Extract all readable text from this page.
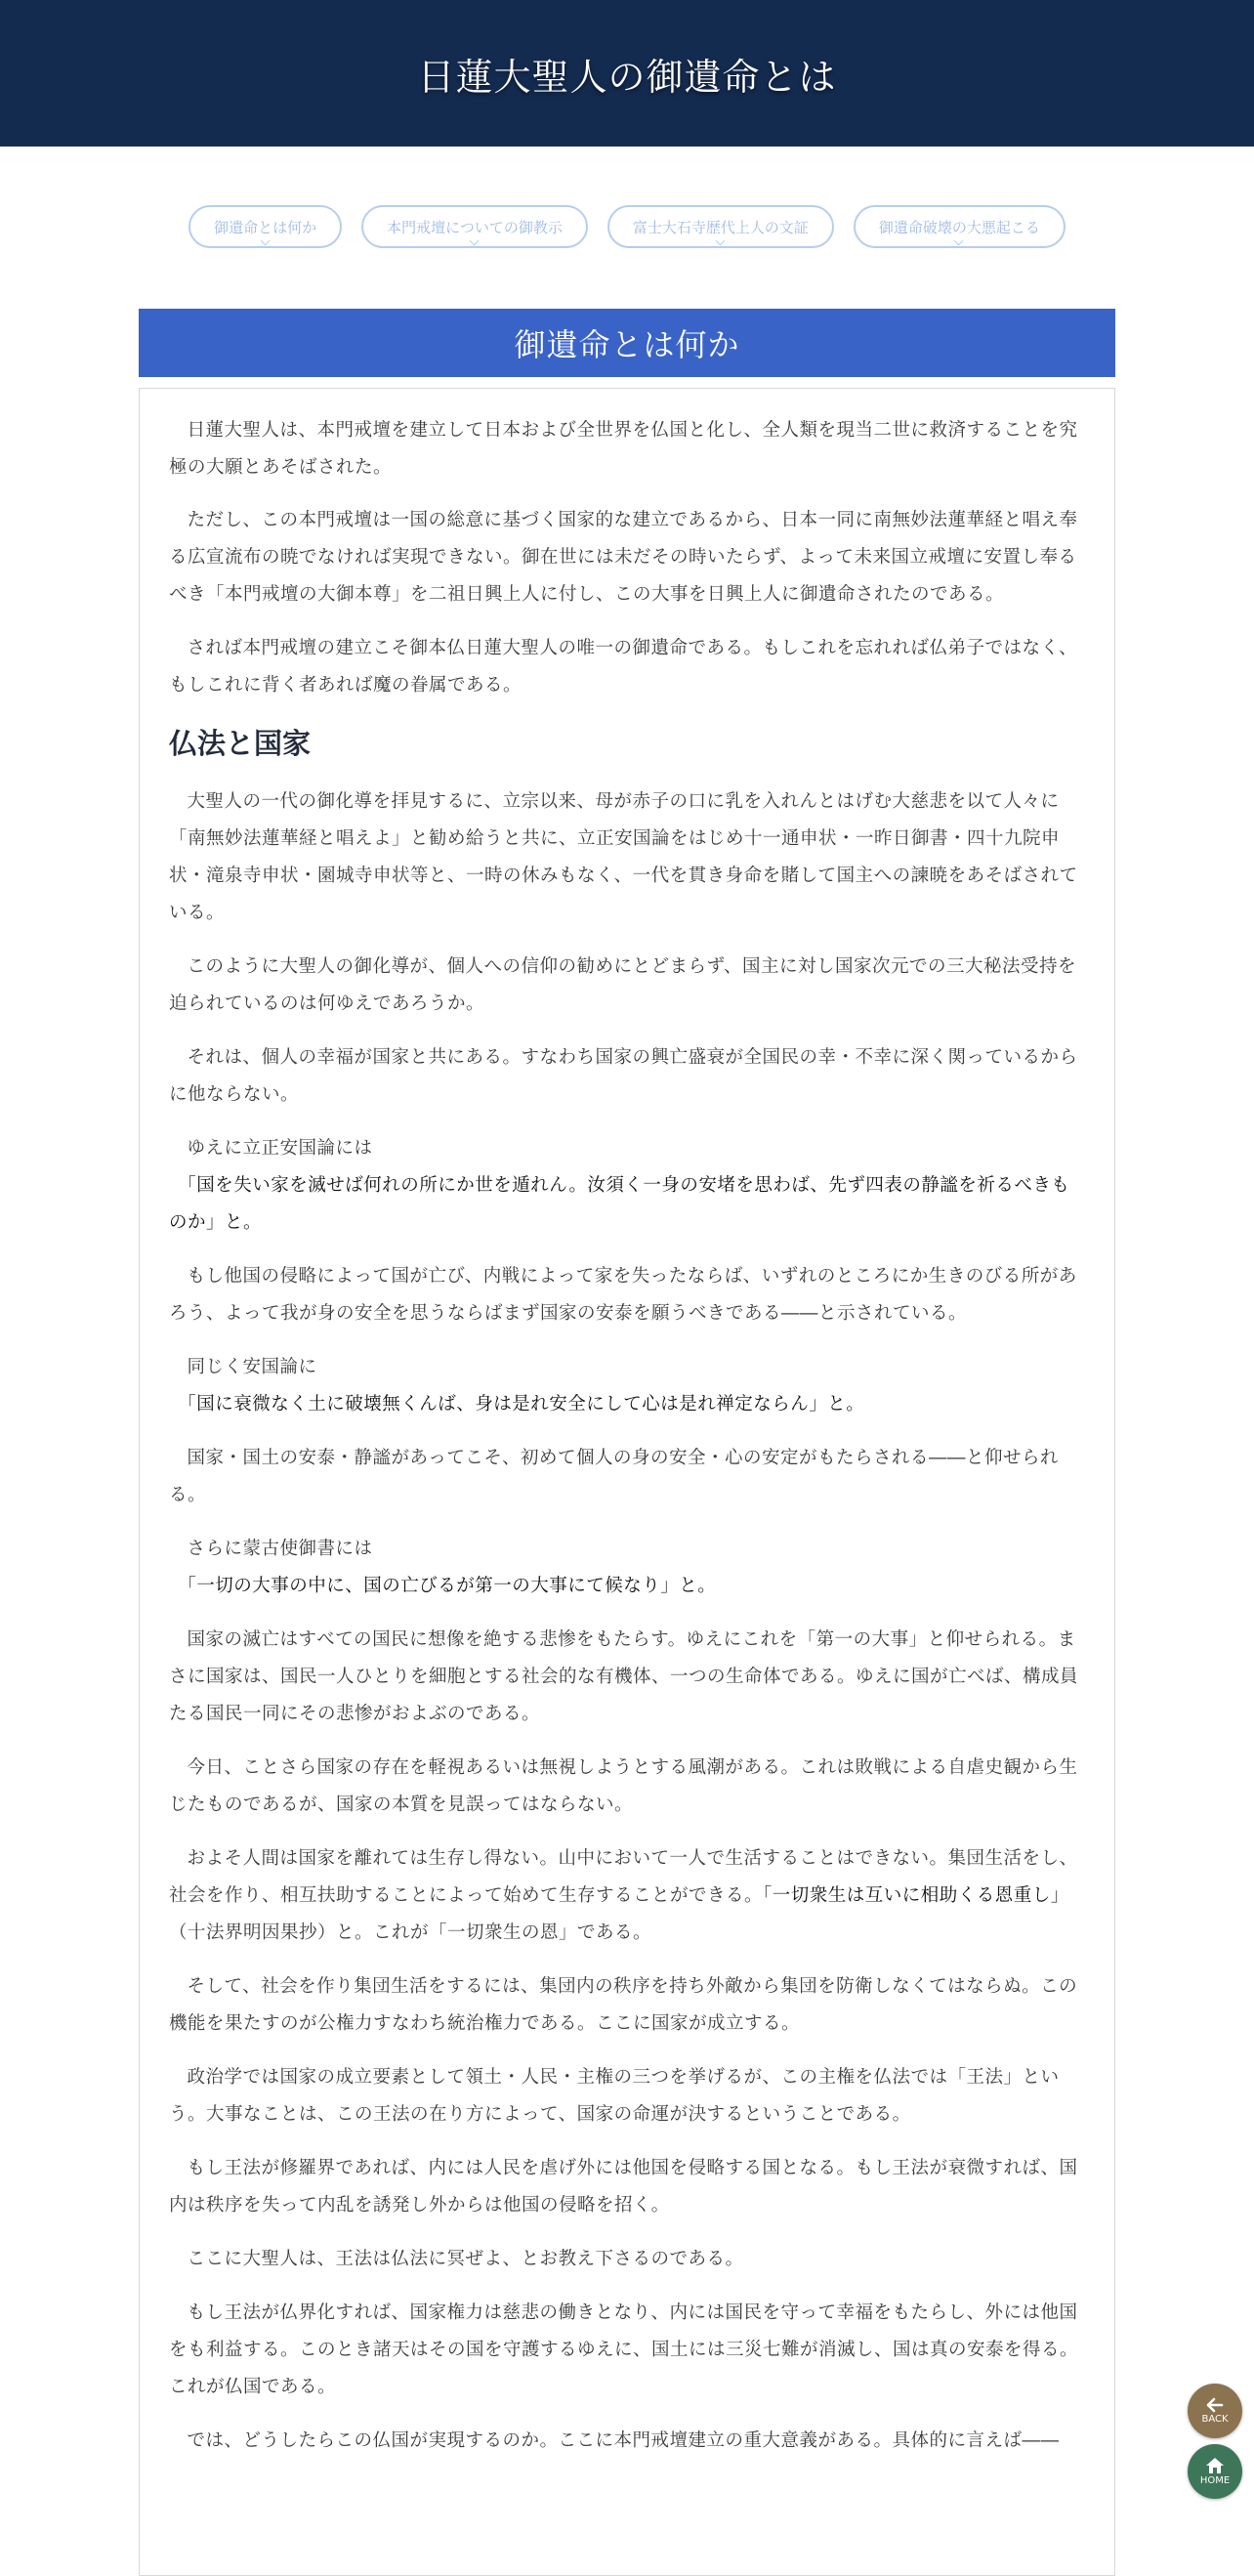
日蓮大聖人の御遺命とは
御遺命とは何か	本門戒壇についての御教示	富士大石寺歴代上人の文証	御遺命破壊の大悪起こる
御遺命とは何か

日蓮大聖人は、本門戒壇を建立して日本および全世界を仏国と化し、全人類を現当二世に救済することを究極の大願とあそばされた。

ただし、この本門戒壇は一国の総意に基づく国家的な建立であるから、日本一同に南無妙法蓮華経と唱え奉る広宣流布の暁でなければ実現できない。御在世には未だその時いたらず、よって未来国立戒壇に安置し奉るべき「本門戒壇の大御本尊」を二祖日興上人に付し、この大事を日興上人に御遺命されたのである。

されば本門戒壇の建立こそ御本仏日蓮大聖人の唯一の御遺命である。もしこれを忘れれば仏弟子ではなく、もしこれに背く者あれば魔の眷属である。

仏法と国家

大聖人の一代の御化導を拝見するに、立宗以来、母が赤子の口に乳を入れんとはげむ大慈悲を以て人々に「南無妙法蓮華経と唱えよ」と勧め給うと共に、立正安国論をはじめ十一通申状・一昨日御書・四十九院申状・滝泉寺申状・園城寺申状等と、一時の休みもなく、一代を貫き身命を賭して国主への諫暁をあそばされている。

このように大聖人の御化導が、個人への信仰の勧めにとどまらず、国主に対し国家次元での三大秘法受持を迫られているのは何ゆえであろうか。

それは、個人の幸福が国家と共にある。すなわち国家の興亡盛衰が全国民の幸・不幸に深く関っているからに他ならない。

ゆえに立正安国論には

「国を失い家を滅せば何れの所にか世を遁れん。汝須く一身の安堵を思わば、先ず四表の静謐を祈るべきものか」と。

もし他国の侵略によって国が亡び、内戦によって家を失ったならば、いずれのところにか生きのびる所があろう、よって我が身の安全を思うならばまず国家の安泰を願うべきである――と示されている。

同じく安国論に

「国に衰微なく土に破壊無くんば、身は是れ安全にして心は是れ禅定ならん」と。

国家・国土の安泰・静謐があってこそ、初めて個人の身の安全・心の安定がもたらされる――と仰せられる。

さらに蒙古使御書には

「一切の大事の中に、国の亡びるが第一の大事にて候なり」と。

国家の滅亡はすべての国民に想像を絶する悲惨をもたらす。ゆえにこれを「第一の大事」と仰せられる。まさに国家は、国民一人ひとりを細胞とする社会的な有機体、一つの生命体である。ゆえに国が亡べば、構成員たる国民一同にその悲惨がおよぶのである。

今日、ことさら国家の存在を軽視あるいは無視しようとする風潮がある。これは敗戦による自虐史観から生じたものであるが、国家の本質を見誤ってはならない。

およそ人間は国家を離れては生存し得ない。山中において一人で生活することはできない。集団生活をし、社会を作り、相互扶助することによって始めて生存することができる。「一切衆生は互いに相助くる恩重し」（十法界明因果抄）と。これが「一切衆生の恩」である。

そして、社会を作り集団生活をするには、集団内の秩序を持ち外敵から集団を防衛しなくてはならぬ。この機能を果たすのが公権力すなわち統治権力である。ここに国家が成立する。

政治学では国家の成立要素として領土・人民・主権の三つを挙げるが、この主権を仏法では「王法」という。大事なことは、この王法の在り方によって、国家の命運が決するということである。

もし王法が修羅界であれば、内には人民を虐げ外には他国を侵略する国となる。もし王法が衰微すれば、国内は秩序を失って内乱を誘発し外からは他国の侵略を招く。

ここに大聖人は、王法は仏法に冥ぜよ、とお教え下さるのである。

もし王法が仏界化すれば、国家権力は慈悲の働きとなり、内には国民を守って幸福をもたらし、外には他国をも利益する。このとき諸天はその国を守護するゆえに、国土には三災七難が消滅し、国は真の安泰を得る。これが仏国である。

では、どうしたらこの仏国が実現するのか。ここに本門戒壇建立の重大意義がある。具体的に言えば――

BACK
HOME
